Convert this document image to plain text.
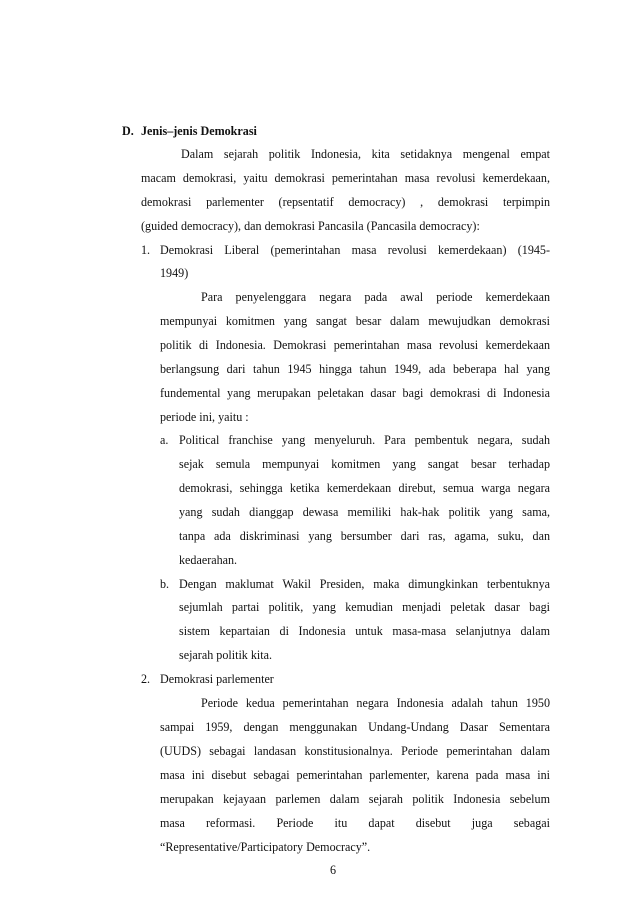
D. Jenis–jenis Demokrasi
Dalam sejarah politik Indonesia, kita setidaknya mengenal empat
macam demokrasi, yaitu demokrasi pemerintahan masa revolusi kemerdekaan,
demokrasi parlementer (repsentatif democracy) , demokrasi terpimpin
(guided democracy), dan demokrasi Pancasila (Pancasila democracy):
1. Demokrasi Liberal (pemerintahan masa revolusi kemerdekaan) (1945-
1949)
Para penyelenggara negara pada awal periode kemerdekaan
mempunyai komitmen yang sangat besar dalam mewujudkan demokrasi
politik di Indonesia. Demokrasi pemerintahan masa revolusi kemerdekaan
berlangsung dari tahun 1945 hingga tahun 1949, ada beberapa hal yang
fundemental yang merupakan peletakan dasar bagi demokrasi di Indonesia
periode ini, yaitu :
a. Political franchise yang menyeluruh. Para pembentuk negara, sudah
sejak semula mempunyai komitmen yang sangat besar terhadap
demokrasi, sehingga ketika kemerdekaan direbut, semua warga negara
yang sudah dianggap dewasa memiliki hak-hak politik yang sama,
tanpa ada diskriminasi yang bersumber dari ras, agama, suku, dan
kedaerahan.
b. Dengan maklumat Wakil Presiden, maka dimungkinkan terbentuknya
sejumlah partai politik, yang kemudian menjadi peletak dasar bagi
sistem kepartaian di Indonesia untuk masa-masa selanjutnya dalam
sejarah politik kita.
2. Demokrasi parlementer
Periode kedua pemerintahan negara Indonesia adalah tahun 1950
sampai 1959, dengan menggunakan Undang-Undang Dasar Sementara
(UUDS) sebagai landasan konstitusionalnya. Periode pemerintahan dalam
masa ini disebut sebagai pemerintahan parlementer, karena pada masa ini
merupakan kejayaan parlemen dalam sejarah politik Indonesia sebelum
masa reformasi. Periode itu dapat disebut juga sebagai
“Representative/Participatory Democracy”.
6
